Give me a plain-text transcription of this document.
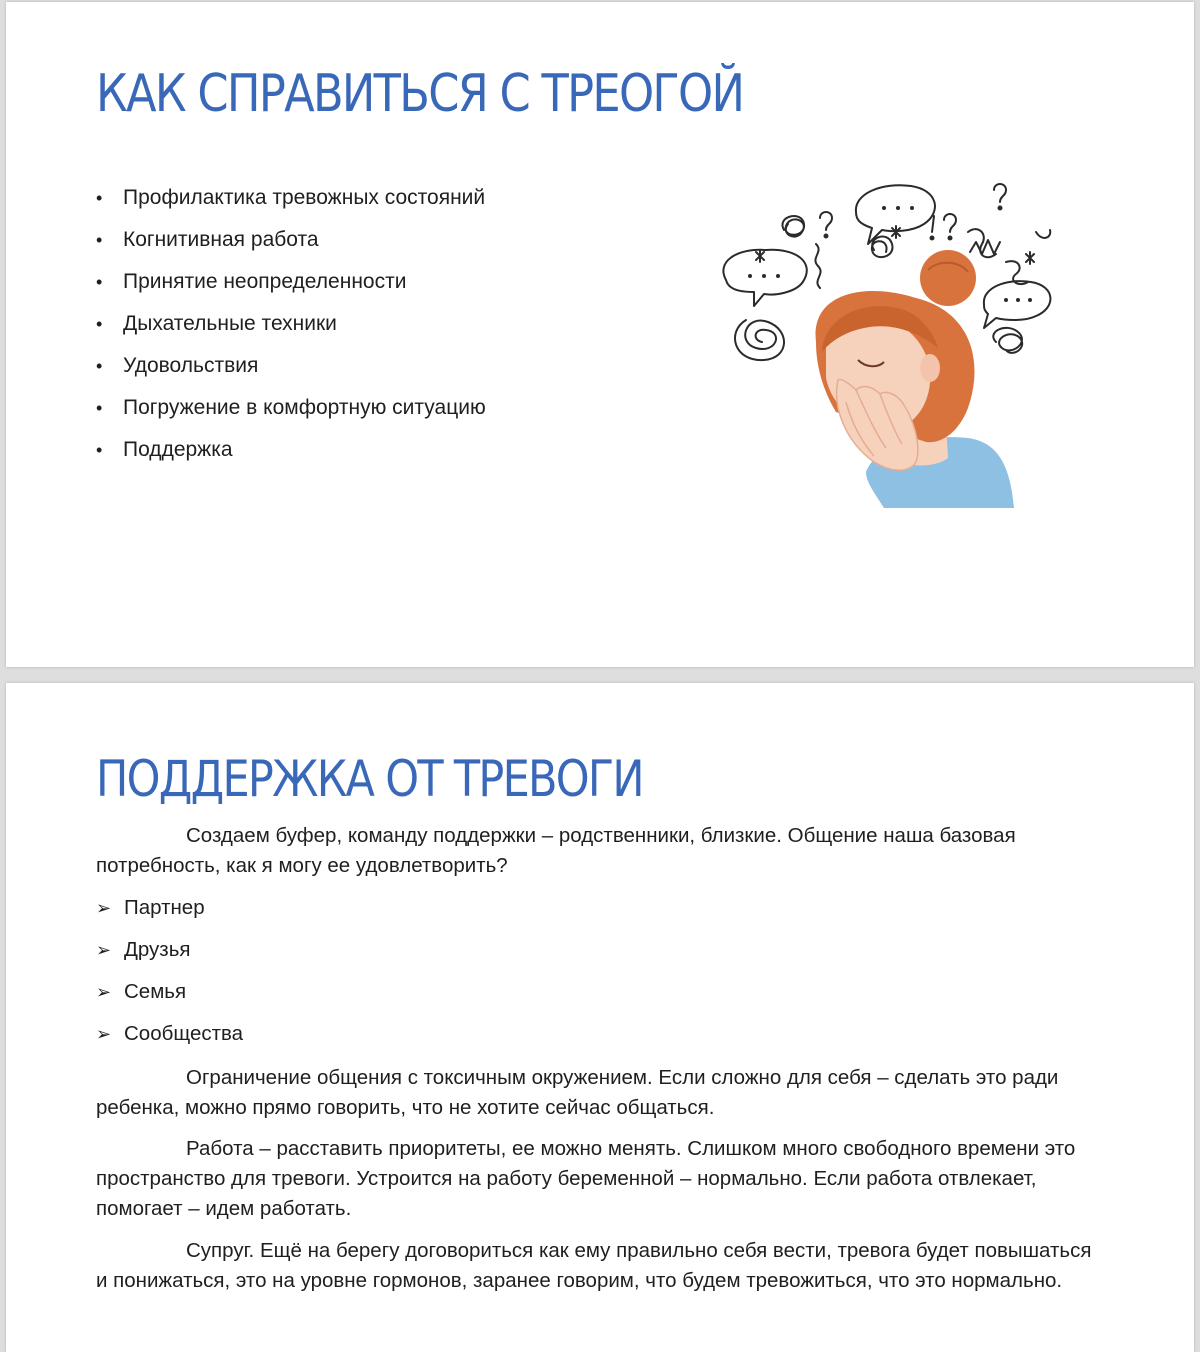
КАК СПРАВИТЬСЯ С ТРЕОГОЙ
• Профилактика тревожных состояний
• Когнитивная работа
• Принятие неопределенности
• Дыхательные техники
• Удовольствия
• Погружение в комфортную ситуацию
• Поддержка
ПОДДЕРЖКА ОТ ТРЕВОГИ

Создаем буфер, команду поддержки – родственники, близкие. Общение наша базовая потребность, как я могу ее удовлетворить?

➢ Партнер
➢ Друзья
➢ Семья
➢ Сообщества

Ограничение общения с токсичным окружением. Если сложно для себя – сделать это ради ребенка, можно прямо говорить, что не хотите сейчас общаться.

Работа – расставить приоритеты, ее можно менять. Слишком много свободного времени это пространство для тревоги. Устроится на работу беременной – нормально. Если работа отвлекает, помогает – идем работать.

Супруг. Ещё на берегу договориться как ему правильно себя вести, тревога будет повышаться и понижаться, это на уровне гормонов, заранее говорим, что будем тревожиться, что это нормально.
